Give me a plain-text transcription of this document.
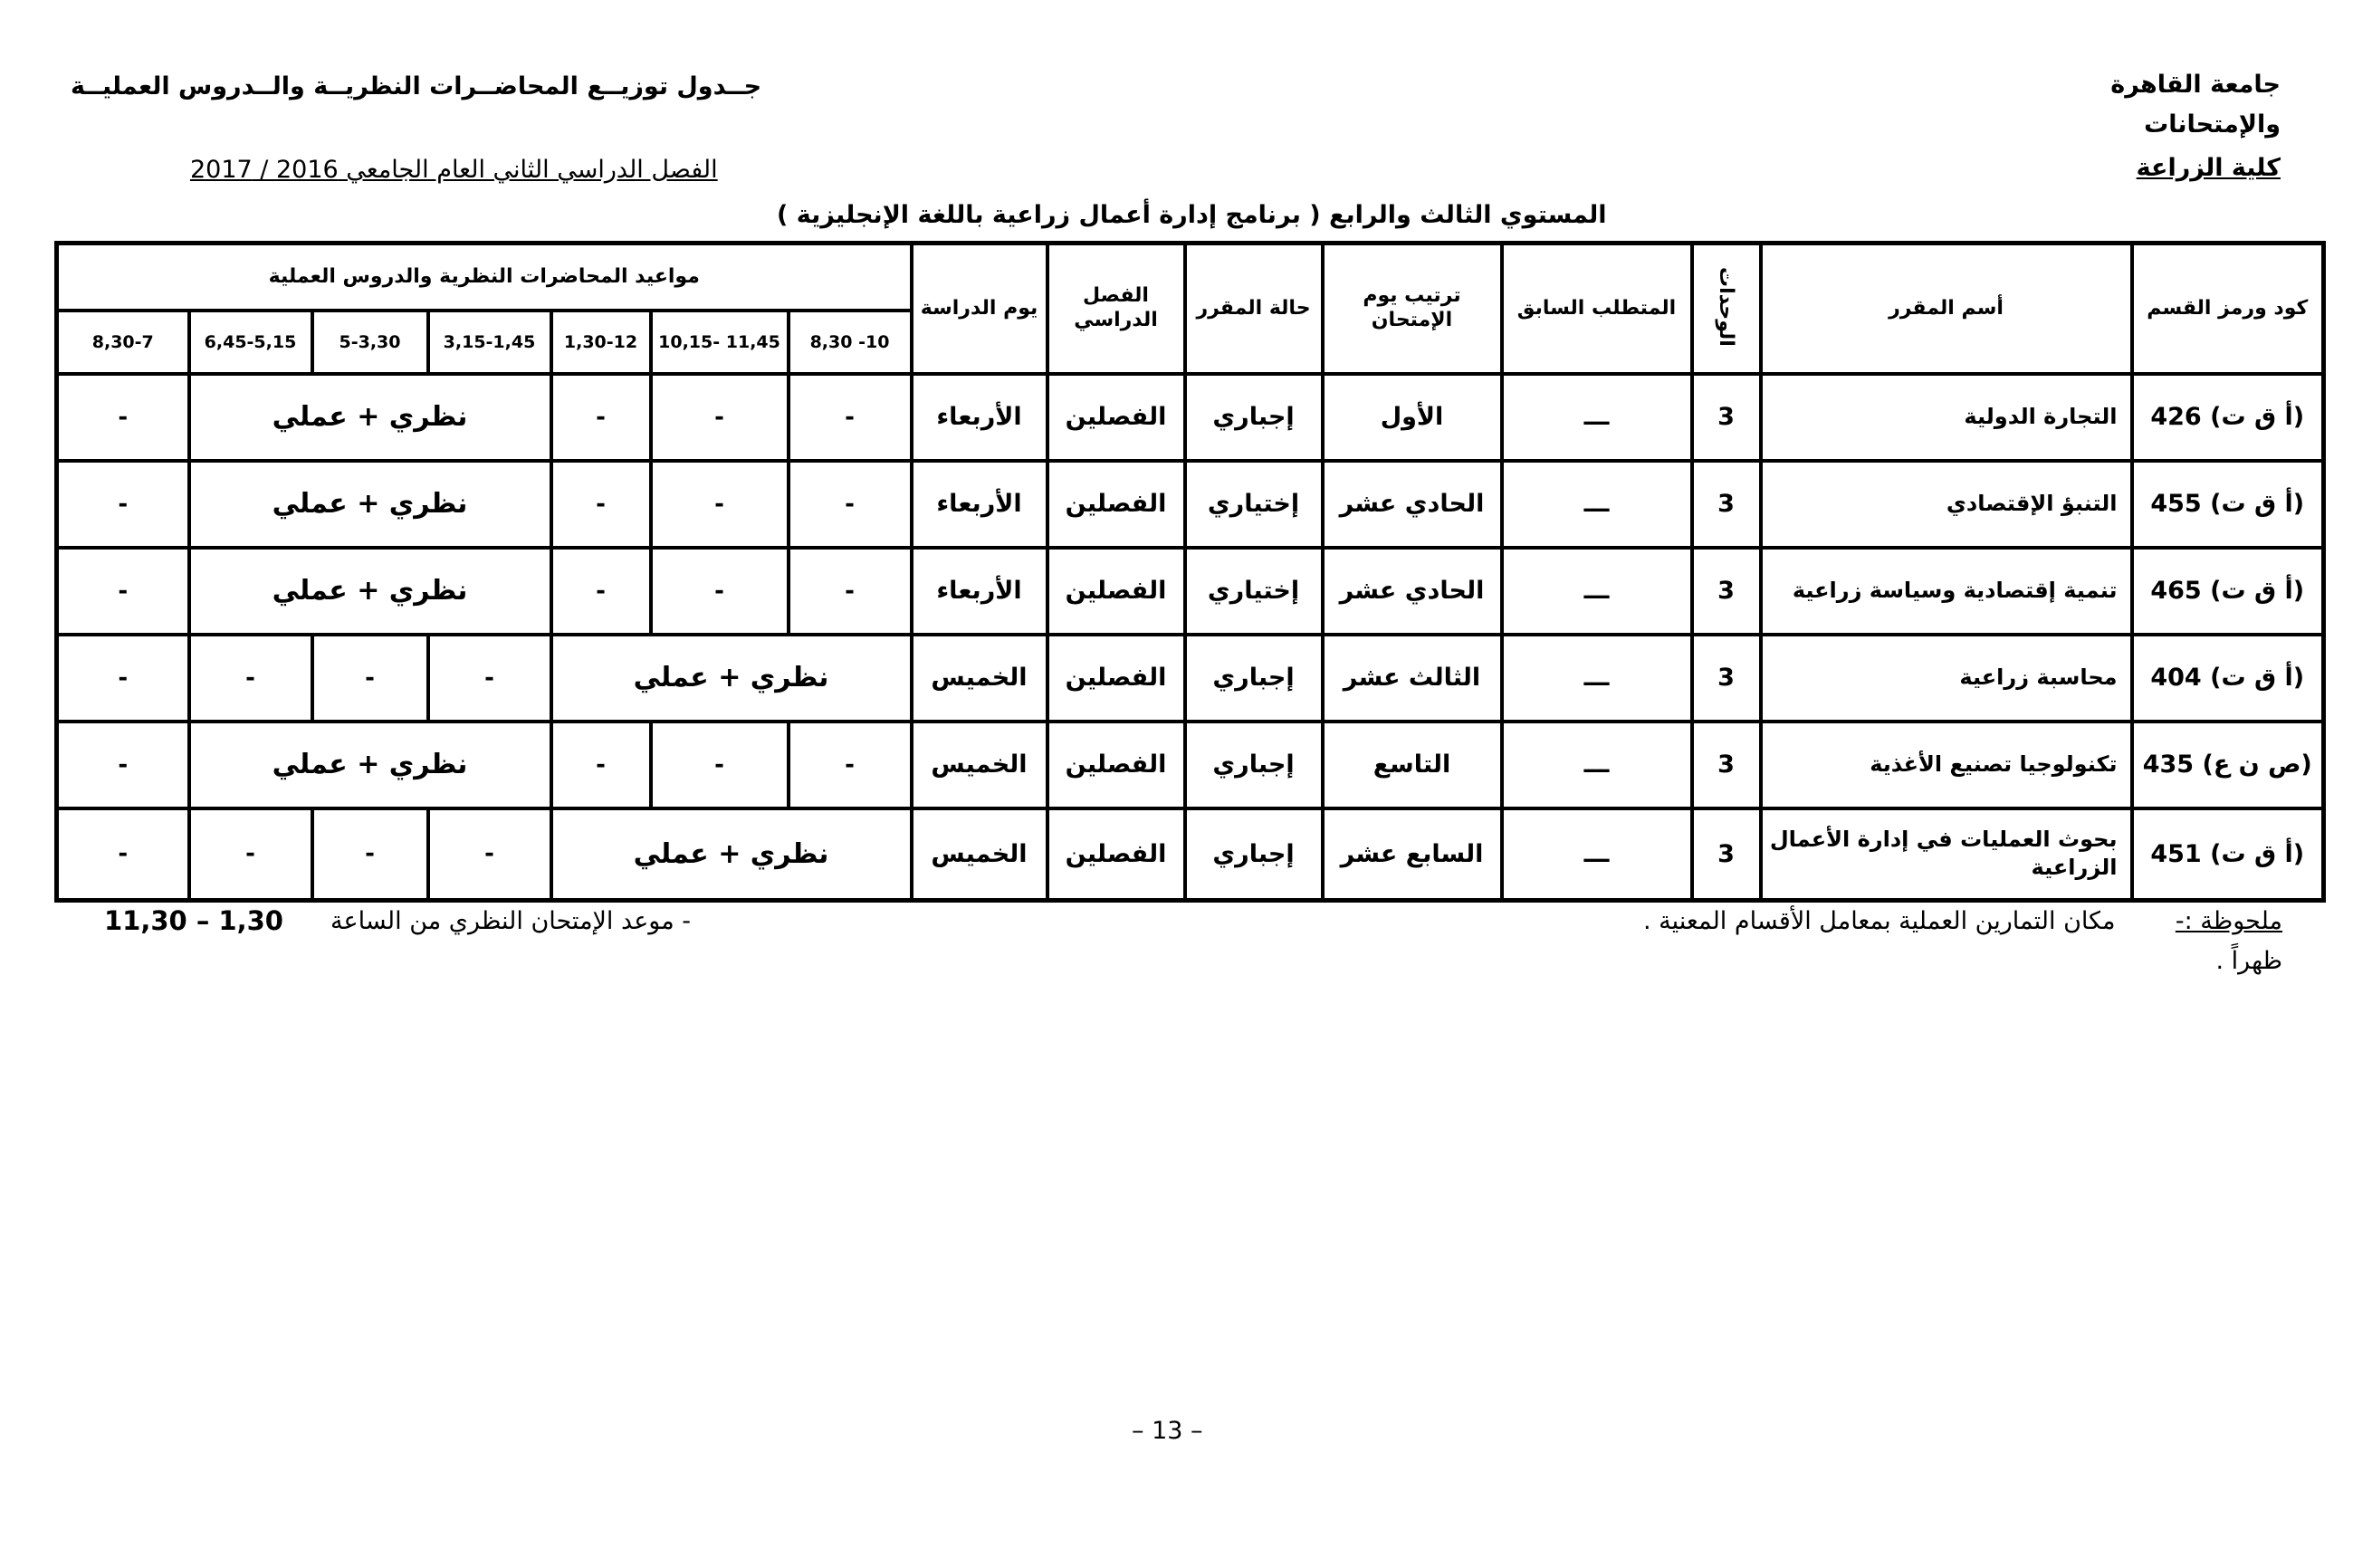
جامعة القاهرة
والإمتحانات
كلية الزراعة
جــدول توزيــع المحاضــرات النظريــة والــدروس العمليــة
الفصل الدراسي الثاني العام الجامعي 2016 / 2017
المستوي الثالث والرابع ( برنامج إدارة أعمال زراعية باللغة الإنجليزية )
كود ورمز القسم	أسم المقرر	الوحدات	المتطلب السابق	ترتيب يوم الإمتحان	حالة المقرر	الفصل الدراسي	يوم الدراسة	مواعيد المحاضرات النظرية والدروس العملية						
								10- 8,30	11,45 -10,15	1,30-12	3,15-1,45	5-3,30	6,45-5,15	8,30-7
(أ ق ت) 426	التجارة الدولية	3	ـــ	الأول	إجباري	الفصلين	الأربعاء	-	-	-	نظري + عملي			-
(أ ق ت) 455	التنبؤ الإقتصادي	3	ـــ	الحادي عشر	إختياري	الفصلين	الأربعاء	-	-	-	نظري + عملي			-
(أ ق ت) 465	تنمية إقتصادية وسياسة زراعية	3	ـــ	الحادي عشر	إختياري	الفصلين	الأربعاء	-	-	-	نظري + عملي			-
(أ ق ت) 404	محاسبة زراعية	3	ـــ	الثالث عشر	إجباري	الفصلين	الخميس	نظري + عملي			-	-	-	-
(ص ن ع) 435	تكنولوجيا تصنيع الأغذية	3	ـــ	التاسع	إجباري	الفصلين	الخميس	-	-	-	نظري + عملي			-
(أ ق ت) 451	بحوث العمليات في إدارة الأعمال الزراعية	3	ـــ	السابع عشر	إجباري	الفصلين	الخميس	نظري + عملي			-	-	-	-
ملحوظة :-
مكان التمارين العملية بمعامل الأقسام المعنية .
- موعد الإمتحان النظري من الساعة
11,30 – 1,30
ظهراً .
– 13 –
